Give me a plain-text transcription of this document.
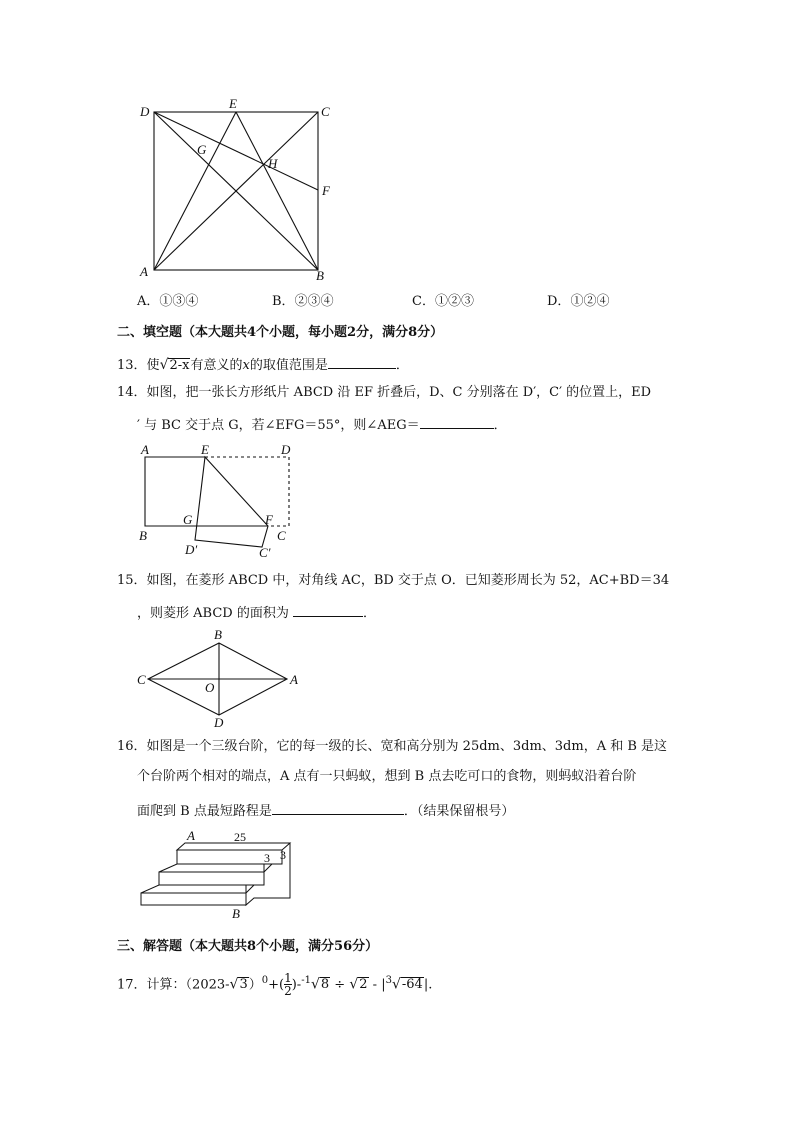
D
E
C
G
H
F
A	B
A．①③④	B．②③④	C．①②③	D．①②④
二、填空题（本大题共4个小题，每小题2分，满分8分）
13．使√2-x有意义的x的取值范围是	．
14．如图，把一张长方形纸片 ABCD 沿 EF 折叠后，D、C 分别落在 D′，C′ 的位置上，ED
′ 与 BC 交于点 G，若∠EFG＝55°，则∠AEG＝	．
A	E	D
G	F
B
D′
C
C′
15．如图，在菱形 ABCD 中，对角线 AC，BD 交于点 O．已知菱形周长为 52，AC+BD＝34
，则菱形 ABCD 的面积为	．
B
C
O
A
D
16．如图是一个三级台阶，它的每一级的长、宽和高分别为 25dm、3dm、3dm，A 和 B 是这
个台阶两个相对的端点，A 点有一只蚂蚁，想到 B 点去吃可口的食物，则蚂蚁沿着台阶
面爬到 B 点最短路程是	．（结果保留根号）
A	25
3 3
B
三、解答题（本大题共8个小题，满分56分）
17．计算：$(2023-√3)^0+( \frac{1}{2} )-^{-1}√8 \div √2 - |^3√-64|$.
